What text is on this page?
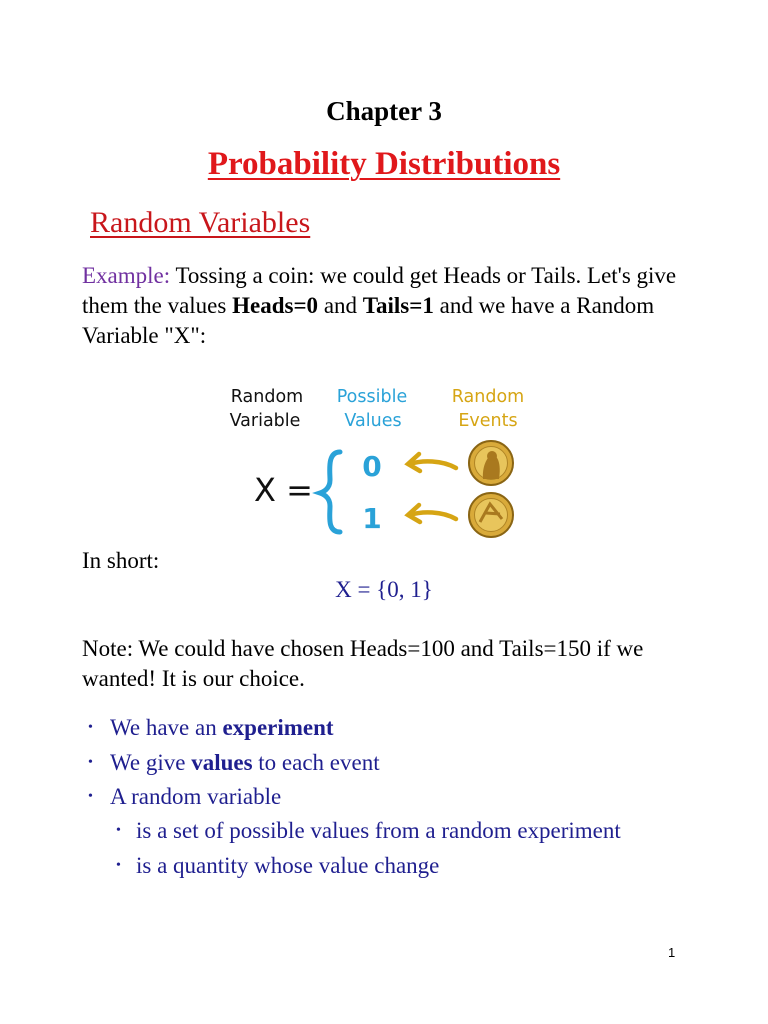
Chapter 3
Probability Distributions
Random Variables
Example: Tossing a coin: we could get Heads or Tails. Let's give them the values Heads=0 and Tails=1 and we have a Random Variable "X":
Random
Variable
Possible
Values
Random
Events
X =
0
1
In short:
X = {0, 1}
Note: We could have chosen Heads=100 and Tails=150 if we wanted! It is our choice.
• We have an experiment
• We give values to each event
• A random variable
• is a set of possible values from a random experiment
• is a quantity whose value change
1
